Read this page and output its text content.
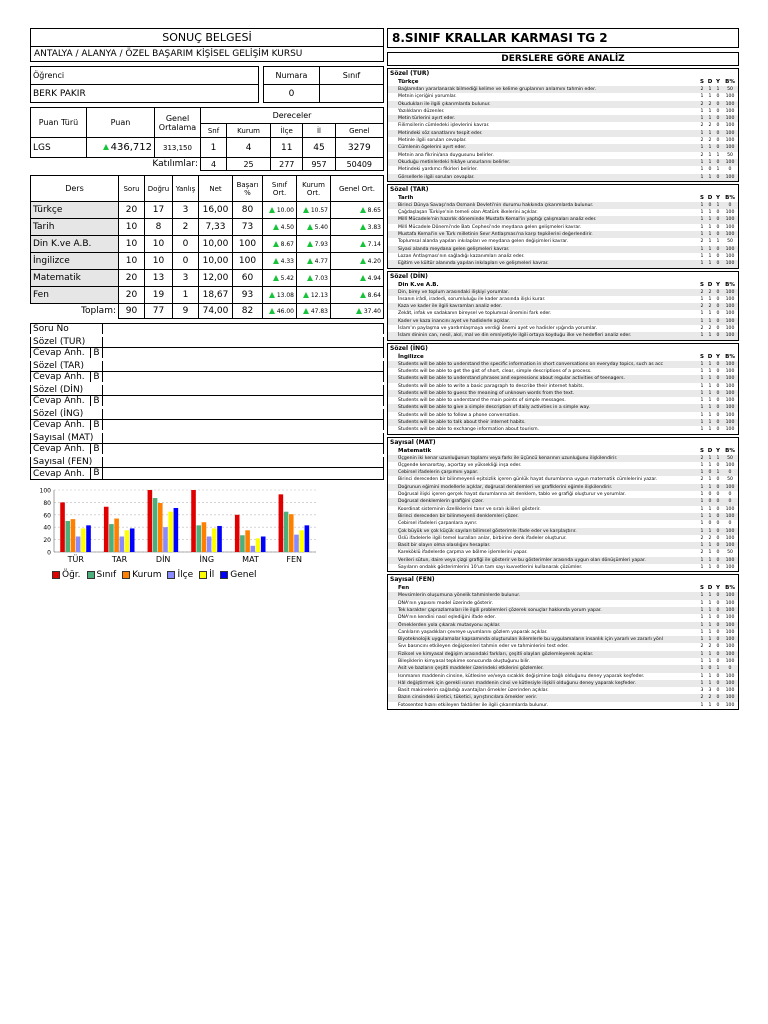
SONUÇ BELGESİ
ANTALYA / ALANYA / ÖZEL BAŞARIM KİŞİSEL GELİŞİM KURSU
Öğrenci		Numara	Sınıf
BERK PAKIR		0	
Puan Türü	Puan	Genel Ortalama	Dereceler				
			Snf	Kurum	İlçe	İl	Genel
LGS	436,712	313,150	1	4	11	45	3279
Katılımlar:			4	25	277	957	50409
Ders	Soru	Doğru	Yanlış	Net	Başarı %	Sınıf Ort.	Kurum Ort.	Genel Ort.
Türkçe	20	17	3	16,00	80	10.00	10.57	8.65
Tarih	10	8	2	7,33	73	4.50	5.40	3.83
Din K.ve A.B.	10	10	0	10,00	100	8.67	7.93	7.14
İngilizce	10	10	0	10,00	100	4.33	4.77	4.20
Matematik	20	13	3	12,00	60	5.42	7.03	4.94
Fen	20	19	1	18,67	93	13.08	12.13	8.64
Toplam:	90	77	9	74,00	82	46.00	47.83	37.40
Soru No	
Sözel (TUR)	
Cevap Anh. B	

Sözel (TAR)	
Cevap Anh. B	

Sözel (DİN)	
Cevap Anh. B	

Sözel (İNG)	
Cevap Anh. B	

Sayısal (MAT)	
Cevap Anh. B	

Sayısal (FEN)	
Cevap Anh. B	

100
80
60
40
20
0
TÜR	TAR	DİN	İNG	MAT	FEN
Öğr.	Sınıf	Kurum	İlçe	İl	Genel
8.SINIF KRALLAR KARMASI TG 2
DERSLERE GÖRE ANALİZ
Sözel (TUR)
Türkçe	S D Y B%
Bağlamdan yararlanarak bilmediği kelime ve kelime gruplarının anlamını tahmin eder.	2	1	1	50
Metnin içeriğini yorumlar.	1	1	0	100
Okudukları ile ilgili çıkarımlarda bulunur.	2	2	0	100
Yazılıkların düzenler.	1	1	0	100
Metin türlerini ayırt eder.	1	1	0	100
Fiilimsilerin cümledeki işlevlerini kavrar.	2	2	0	100
Metindeki söz sanatlarını tespit eder.	1	1	0	100
Metinle ilgili soruları cevaplar.	2	2	0	100
Cümlenin ögelerini ayırt eder.	1	1	0	100
Metnin ana fikrini/ana duygusunu belirler.	2	1	1	50
Okuduğu metinlerdeki hikâye unsurlarını belirler.	1	1	0	100
Metindeki yardımcı fikirleri belirler.	1	0	1	0
Görsellerle ilgili soruları cevaplar.	1	1	0	100
Sözel (TAR)
Tarih	S D Y B%
Birinci Dünya Savaşı'nda Osmanlı Devleti'nin durumu hakkında çıkarımlarda bulunur.	1	0	1	0
Çağdaşlaşan Türkiye'nin temeli olan Atatürk ilkelerini açıklar.	1	1	0	100
Millî Mücadele'nin hazırlık döneminde Mustafa Kemal'in yaptığı çalışmaları analiz eder.	1	1	0	100
Millî Mücadele Dönemi'nde Batı Cephesi'nde meydana gelen gelişmeleri kavrar.	1	1	0	100
Mustafa Kemal'in ve Türk milletinin Sevr Antlaşması'na karşı tepkilerini değerlendirir.	1	1	0	100
Toplumsal alanda yapılan inkılapları ve meydana gelen değişimleri kavrar.	2	1	1	50
Siyasi alanda meydana gelen gelişmeleri kavrar.	1	1	0	100
Lozan Antlaşması'nın sağladığı kazanımları analiz eder.	1	1	0	100
Eğitim ve kültür alanında yapılan inkılapları ve gelişmeleri kavrar.	1	1	0	100
Sözel (DİN)
Din K.ve A.B.	S D Y B%
Din, birey ve toplum arasındaki ilişkiyi yorumlar.	2	2	0	100
İnsanın irâdî, iradedi, sorumluluğu ile kader arasında ilişki kurar.	1	1	0	100
Kaza ve kader ile ilgili kavramları analiz eder.	2	2	0	100
Zekât, infak ve sadakanın bireysel ve toplumsal önemini fark eder.	1	1	0	100
Kader ve kaza inancını ayet ve hadislerle açıklar.	1	1	0	100
İslam'ın paylaşma ve yardımlaşmaya verdiği önemi ayet ve hadisler ışığında yorumlar.	2	2	0	100
İslam dininin can, nesil, akıl, mal ve din emniyetiyle ilgili ortaya koyduğu ilke ve hedefleri analiz eder.	1	1	0	100
Sözel (İNG)
İngilizce	S D Y B%
Students will be able to understand the specific information in short conversations on everyday topics, such as acc	1	1	0	100
Students will be able to get the gist of short, clear, simple descriptions of a process.	1	1	0	100
Students will be able to understand phrases and expressions about regular activities of teenagers.	1	1	0	100
Students will be able to write a basic paragraph to describe their internet habits.	1	1	0	100
Students will be able to guess the meaning of unknown words from the text.	1	1	0	100
Students will be able to understand the main points of simple messages.	1	1	0	100
Students will be able to give a simple description of daily activities in a simple way.	1	1	0	100
Students will be able to follow a phone conversation.	1	1	0	100
Students will be able to talk about their internet habits.	1	1	0	100
Students will be able to exchange information about tourism.	1	1	0	100
Sayısal (MAT)
Matematik	S D Y B%
Üçgenin iki kenar uzunluğunun toplamı veya farkı ile üçüncü kenarının uzunluğunu ilişkilendirir.	2	1	1	50
Üçgende kenarortay, açıortay ve yüksekliği inşa eder.	1	1	0	100
Cebirsel ifadelerin çarpımını yapar.	1	0	1	0
Birinci dereceden bir bilinmeyenli eşitsizlik içeren günlük hayat durumlarına uygun matematik cümlelerini yazar.	2	1	0	50
Doğrunun eğimini modellerle açıklar, doğrusal denklemleri ve grafiklerini eğimle ilişkilendirir.	1	1	0	100
Doğrusal ilişki içeren gerçek hayat durumlarına ait denklem, tablo ve grafiği oluşturur ve yorumlar.	1	0	0	0
Doğrusal denklemlerin grafiğini çizer.	1	0	0	0
Koordinat sisteminin özelliklerini tanır ve sıralı ikilileri gösterir.	1	1	0	100
Birinci dereceden bir bilinmeyenli denklemleri çözer.	1	1	0	100
Cebirsel ifadeleri çarpanlara ayırır.	1	0	0	0
Çok büyük ve çok küçük sayıları bilimsel gösterimle ifade eder ve karşılaştırır.	1	1	0	100
Üslü ifadelerle ilgili temel kuralları anlar, birbirine denk ifadeler oluşturur.	2	2	0	100
Basit bir olayın olma olasılığını hesaplar.	1	1	0	100
Kareköklü ifadelerde çarpma ve bölme işlemlerini yapar.	2	1	0	50
Verileri sütun, daire veya çizgi grafiği ile gösterir ve bu gösterimler arasında uygun olan dönüşümleri yapar.	1	1	0	100
Sayıların ondalık gösterimlerini 10'un tam sayı kuvvetlerini kullanarak çözümler.	1	1	0	100
Sayısal (FEN)
Fen	S D Y B%
Mevsimlerin oluşumuna yönelik tahminlerde bulunur.	1	1	0	100
DNA'nın yapısını model üzerinde gösterir.	1	1	0	100
Tek karakter çaprazlamaları ile ilgili problemleri çözerek sonuçlar hakkında yorum yapar.	1	1	0	100
DNA'nın kendini nasıl eşlediğini ifade eder.	1	1	0	100
Örneklerden yola çıkarak mutasyonu açıklar.	1	1	0	100
Canlıların yaşadıkları çevreye uyumlarını gözlem yaparak açıklar.	1	1	0	100
Biyoteknolojik uygulamalar kapsamında oluşturulan ikilemlerle bu uygulamaların insanlık için yararlı ve zararlı yönl	1	1	0	100
Sıvı basıncını etkileyen değişkenleri tahmin eder ve tahminlerini test eder.	2	2	0	100
Fiziksel ve kimyasal değişim arasındaki farkları, çeşitli olayları gözlemleyerek açıklar.	1	1	0	100
Bileşiklerin kimyasal tepkime sonucunda oluştuğunu bilir.	1	1	0	100
Asit ve bazların çeşitli maddeler üzerindeki etkilerini gözlemler.	1	0	1	0
Isınmanın maddenin cinsine, kütlesine ve/veya sıcaklık değişimine bağlı olduğunu deney yaparak keşfeder.	1	1	0	100
Hâl değiştirmek için gerekli ısının maddenin cinsi ve kütlesiyle ilişkili olduğunu deney yaparak keşfeder.	1	1	0	100
Basit makinelerin sağladığı avantajları örnekler üzerinden açıklar.	3	3	0	100
Bazın cinsindeki üretici, tüketici, ayrıştırıcılara örnekler verir.	2	2	0	100
Fotosentez hızını etkileyen faktörler ile ilgili çıkarımlarda bulunur.	1	1	0	100
